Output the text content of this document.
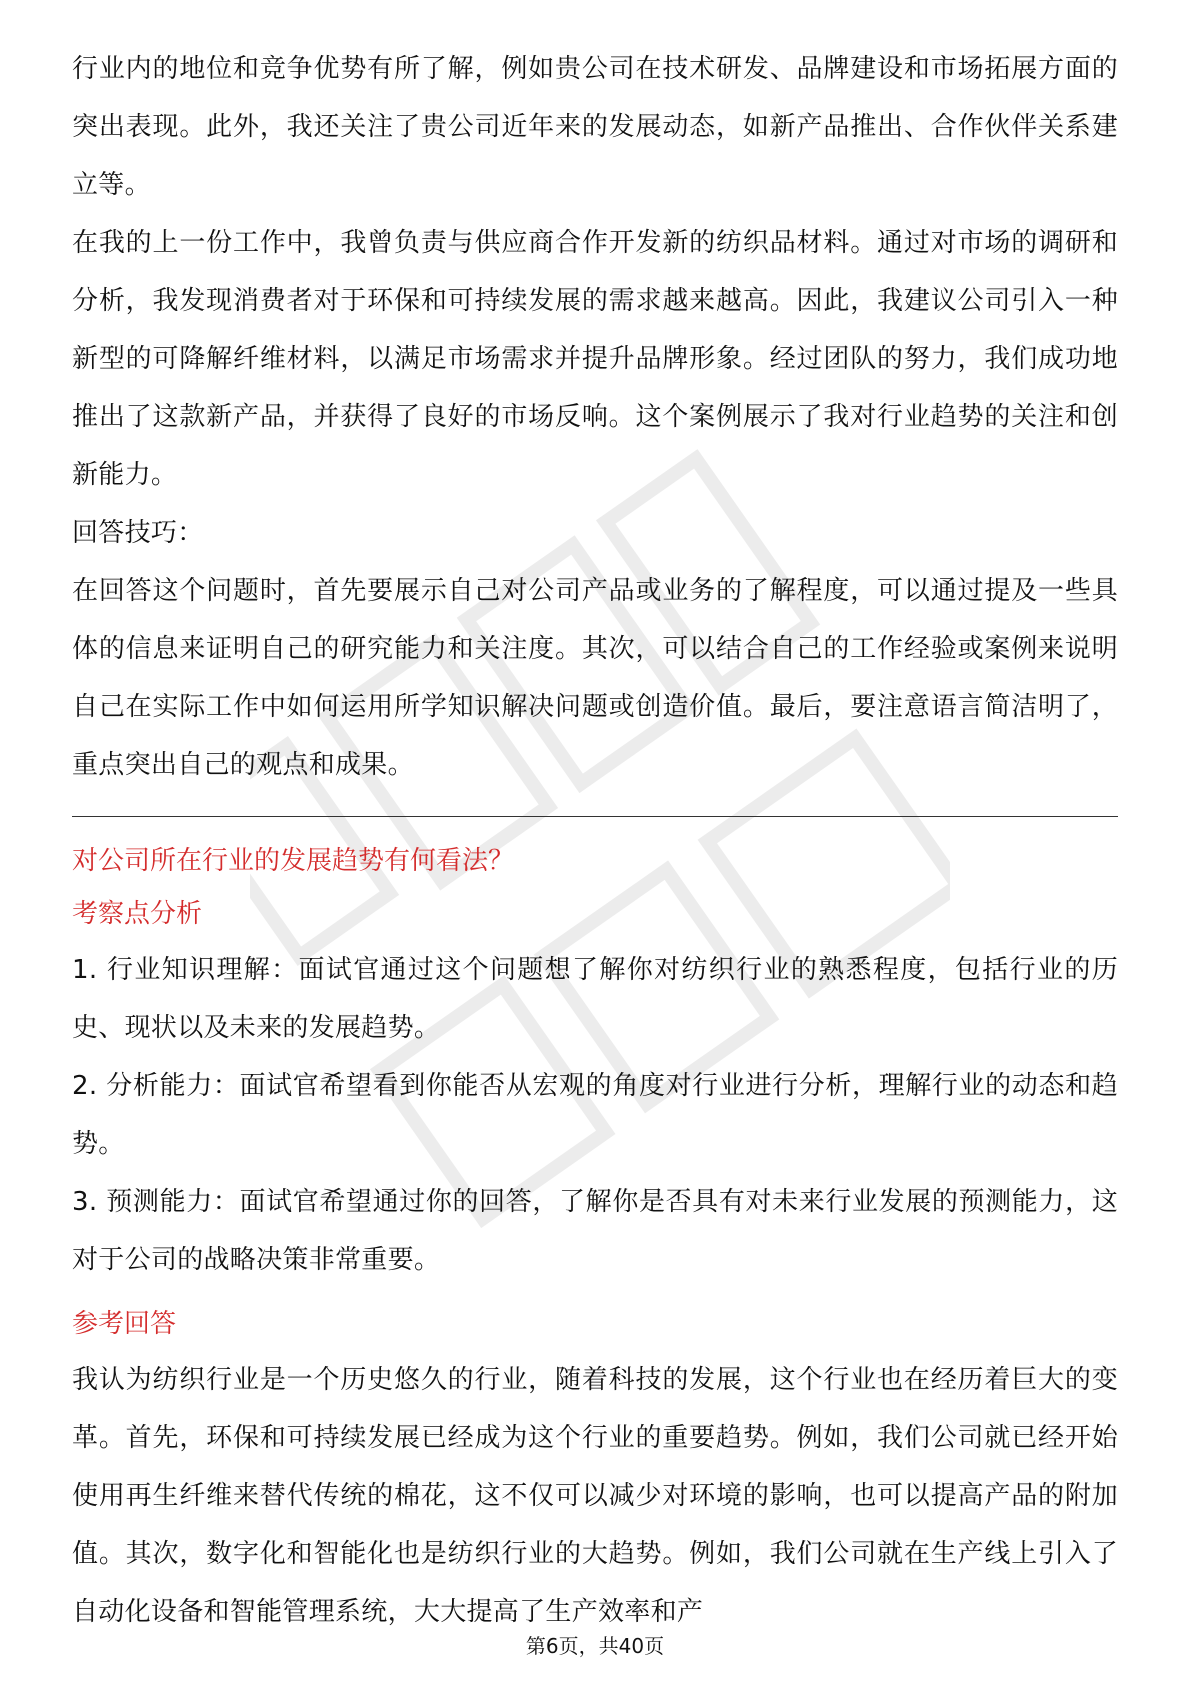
行业内的地位和竞争优势有所了解，例如贵公司在技术研发、品牌建设和市场拓展方面的突出表现。此外，我还关注了贵公司近年来的发展动态，如新产品推出、合作伙伴关系建立等。

在我的上一份工作中，我曾负责与供应商合作开发新的纺织品材料。通过对市场的调研和分析，我发现消费者对于环保和可持续发展的需求越来越高。因此，我建议公司引入一种新型的可降解纤维材料，以满足市场需求并提升品牌形象。经过团队的努力，我们成功地推出了这款新产品，并获得了良好的市场反响。这个案例展示了我对行业趋势的关注和创新能力。

回答技巧：

在回答这个问题时，首先要展示自己对公司产品或业务的了解程度，可以通过提及一些具体的信息来证明自己的研究能力和关注度。其次，可以结合自己的工作经验或案例来说明自己在实际工作中如何运用所学知识解决问题或创造价值。最后，要注意语言简洁明了，重点突出自己的观点和成果。

对公司所在行业的发展趋势有何看法？

考察点分析

1. 行业知识理解：面试官通过这个问题想了解你对纺织行业的熟悉程度，包括行业的历史、现状以及未来的发展趋势。

2. 分析能力：面试官希望看到你能否从宏观的角度对行业进行分析，理解行业的动态和趋势。

3. 预测能力：面试官希望通过你的回答，了解你是否具有对未来行业发展的预测能力，这对于公司的战略决策非常重要。

参考回答

我认为纺织行业是一个历史悠久的行业，随着科技的发展，这个行业也在经历着巨大的变革。首先，环保和可持续发展已经成为这个行业的重要趋势。例如，我们公司就已经开始使用再生纤维来替代传统的棉花，这不仅可以减少对环境的影响，也可以提高产品的附加值。其次，数字化和智能化也是纺织行业的大趋势。例如，我们公司就在生产线上引入了自动化设备和智能管理系统，大大提高了生产效率和产

第6页，共40页
